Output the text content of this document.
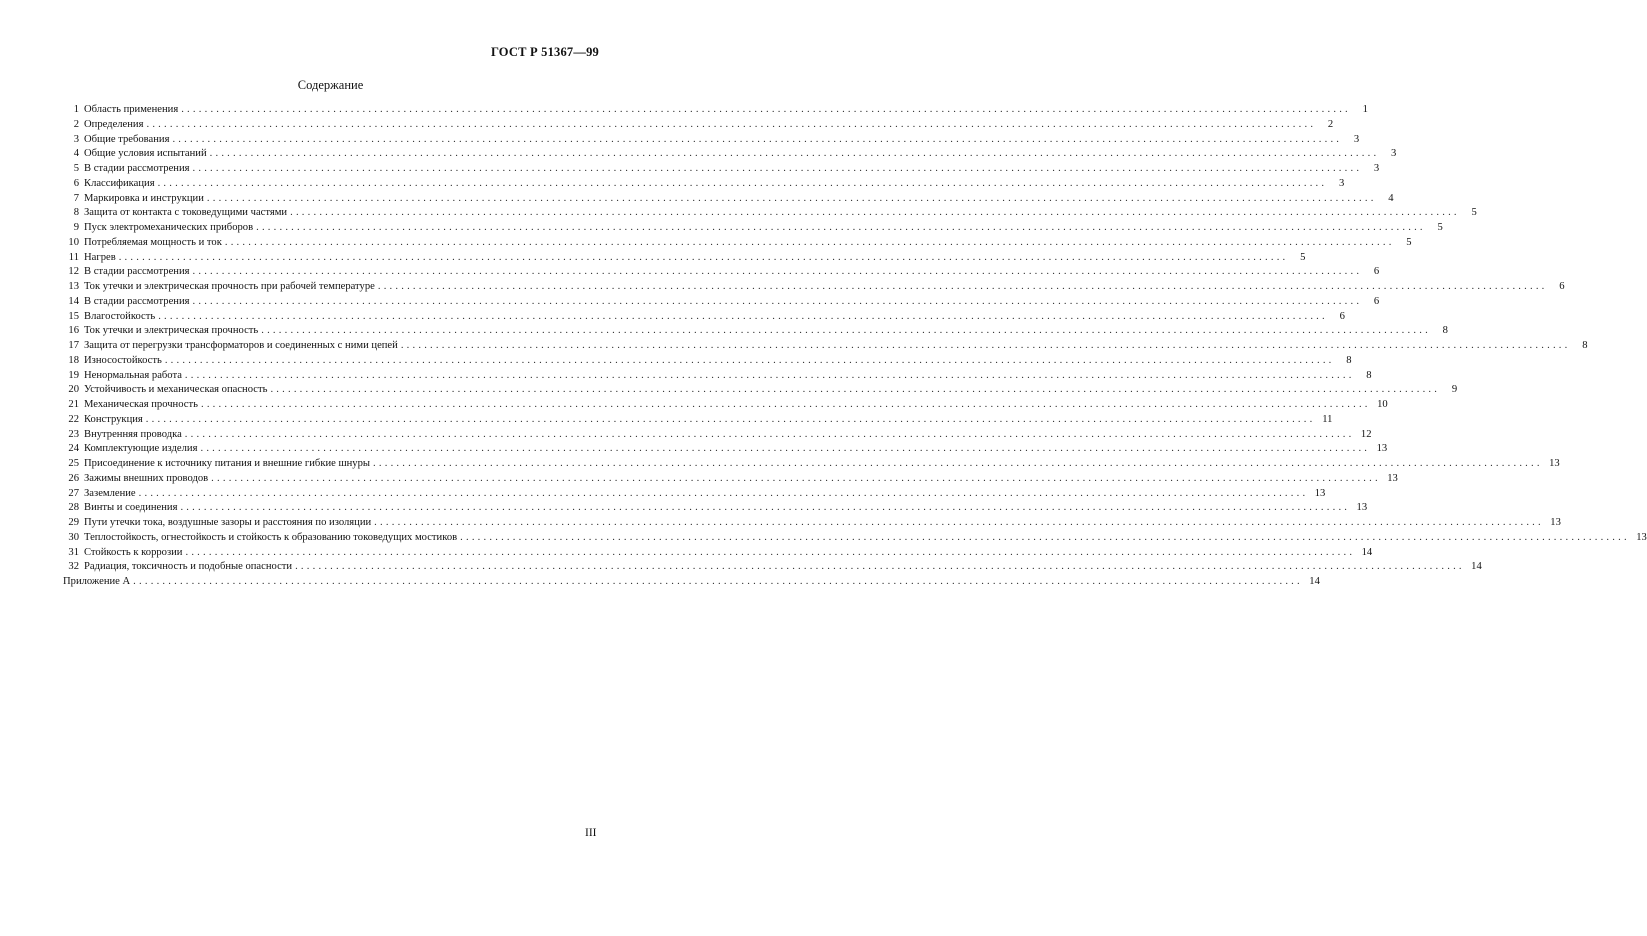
ГОСТ Р 51367—99
Содержание
1 Область применения ........................................................................................................................................................................................................	1
2 Определения ........................................................................................................................................................................................................	2
3 Общие требования ........................................................................................................................................................................................................	3
4 Общие условия испытаний ........................................................................................................................................................................................................	3
5 В стадии рассмотрения ........................................................................................................................................................................................................	3
6 Классификация ........................................................................................................................................................................................................	3
7 Маркировка и инструкции ........................................................................................................................................................................................................	4
8 Защита от контакта с токоведущими частями ........................................................................................................................................................................................................	5
9 Пуск электромеханических приборов ........................................................................................................................................................................................................	5
10 Потребляемая мощность и ток ........................................................................................................................................................................................................	5
11 Нагрев ........................................................................................................................................................................................................	5
12 В стадии рассмотрения ........................................................................................................................................................................................................	6
13 Ток утечки и электрическая прочность при рабочей температуре ........................................................................................................................................................................................................	6
14 В стадии рассмотрения ........................................................................................................................................................................................................	6
15 Влагостойкость ........................................................................................................................................................................................................	6
16 Ток утечки и электрическая прочность ........................................................................................................................................................................................................	8
17 Защита от перегрузки трансформаторов и соединенных с ними цепей ........................................................................................................................................................................................................	8
18 Износостойкость ........................................................................................................................................................................................................	8
19 Ненормальная работа ........................................................................................................................................................................................................	8
20 Устойчивость и механическая опасность ........................................................................................................................................................................................................	9
21 Механическая прочность ........................................................................................................................................................................................................ 10
22 Конструкция ........................................................................................................................................................................................................ 11
23 Внутренняя проводка ........................................................................................................................................................................................................ 12
24 Комплектующие изделия ........................................................................................................................................................................................................ 13
25 Присоединение к источнику питания и внешние гибкие шнуры ........................................................................................................................................................................................................ 13
26 Зажимы внешних проводов ........................................................................................................................................................................................................ 13
27 Заземление ........................................................................................................................................................................................................ 13
28 Винты и соединения ........................................................................................................................................................................................................ 13
29 Пути утечки тока, воздушные зазоры и расстояния по изоляции ........................................................................................................................................................................................................ 13
30 Теплостойкость, огнестойкость и стойкость к образованию токоведущих мостиков ........................................................................................................................................................................................................ 13
31 Стойкость к коррозии ........................................................................................................................................................................................................ 14
32 Радиация, токсичность и подобные опасности ........................................................................................................................................................................................................ 14
Приложение А ........................................................................................................................................................................................................ 14
III
